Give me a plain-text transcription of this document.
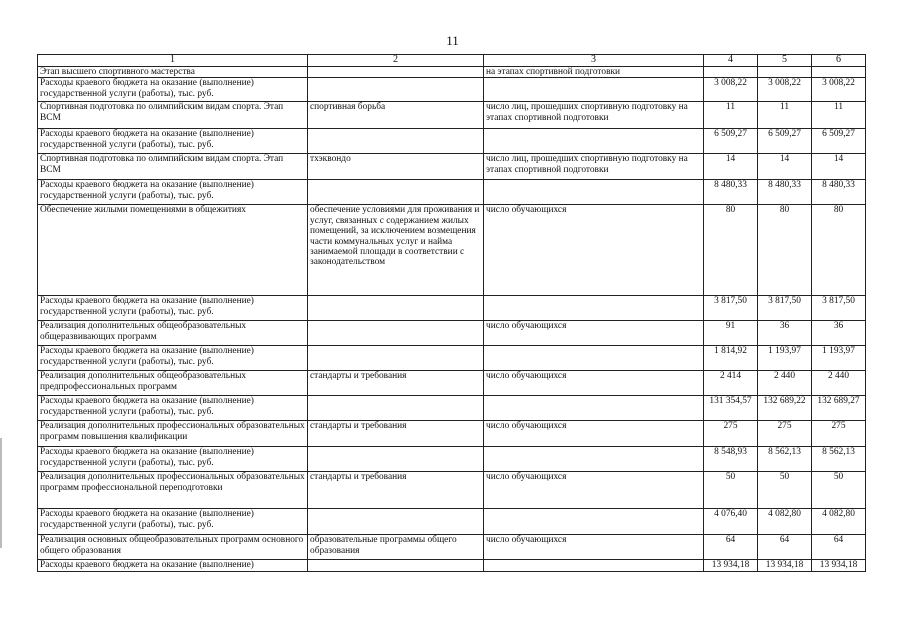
11
1	2	3	4	5	6
Этап высшего спортивного мастерства		на этапах спортивной подготовки			
Расходы краевого бюджета на оказание (выполнение) государственной услуги (работы), тыс. руб.			3 008,22	3 008,22	3 008,22
Спортивная подготовка по олимпийским видам спорта. Этап ВСМ	спортивная борьба	число лиц, прошедших спортивную подготовку на этапах спортивной подготовки	11	11	11
Расходы краевого бюджета на оказание (выполнение) государственной услуги (работы), тыс. руб.			6 509,27	6 509,27	6 509,27
Спортивная подготовка по олимпийским видам спорта. Этап ВСМ	тхэквондо	число лиц, прошедших спортивную подготовку на этапах спортивной подготовки	14	14	14
Расходы краевого бюджета на оказание (выполнение) государственной услуги (работы), тыс. руб.			8 480,33	8 480,33	8 480,33
Обеспечение жилыми помещениями в общежитиях	обеспечение условиями для проживания и услуг, связанных с содержанием жилых помещений, за исключением возмещения части коммунальных услуг и найма занимаемой площади в соответствии с законодательством	число обучающихся	80	80	80
Расходы краевого бюджета на оказание (выполнение) государственной услуги (работы), тыс. руб.			3 817,50	3 817,50	3 817,50
Реализация дополнительных общеобразовательных общеразвивающих программ		число обучающихся	91	36	36
Расходы краевого бюджета на оказание (выполнение) государственной услуги (работы), тыс. руб.			1 814,92	1 193,97	1 193,97
Реализация дополнительных общеобразовательных предпрофессиональных программ	стандарты и требования	число обучающихся	2 414	2 440	2 440
Расходы краевого бюджета на оказание (выполнение) государственной услуги (работы), тыс. руб.			131 354,57	132 689,22	132 689,27
Реализация дополнительных профессиональных образовательных программ повышения квалификации	стандарты и требования	число обучающихся	275	275	275
Расходы краевого бюджета на оказание (выполнение) государственной услуги (работы), тыс. руб.			8 548,93	8 562,13	8 562,13
Реализация дополнительных профессиональных образовательных программ профессиональной переподготовки	стандарты и требования	число обучающихся	50	50	50
Расходы краевого бюджета на оказание (выполнение) государственной услуги (работы), тыс. руб.			4 076,40	4 082,80	4 082,80
Реализация основных общеобразовательных программ основного общего образования	образовательные программы общего образования	число обучающихся	64	64	64
Расходы краевого бюджета на оказание (выполнение)			13 934,18	13 934,18	13 934,18
